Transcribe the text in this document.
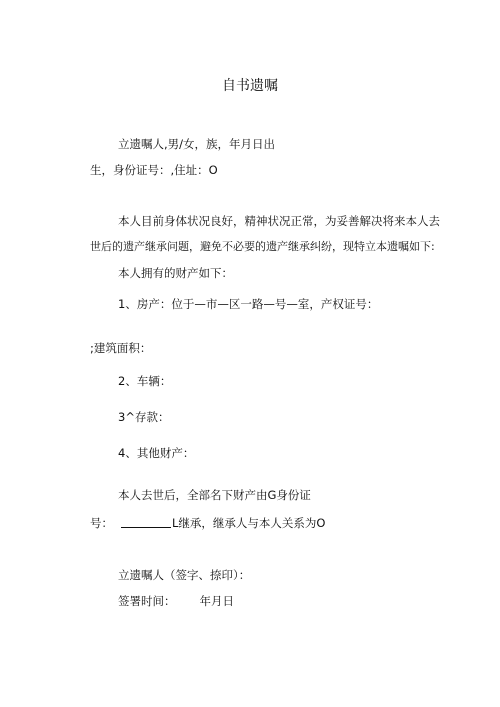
自书遗嘱
立遗嘱人,男/女，族，年月日出
生，身份证号：,住址：O
本人目前身体状况良好，精神状况正常，为妥善解决将来本人去
世后的遗产继承问题，避免不必要的遗产继承纠纷，现特立本遗嘱如下:
本人拥有的财产如下：
1、房产：位于—市—区一路—号—室，产权证号：
;建筑面积：
2、车辆：
3^存款：
4、其他财产：
本人去世后，全部名下财产由G身份证
号：	L继承，继承人与本人关系为O
立遗嘱人（签字、捺印）：
签署时间： 年月日
